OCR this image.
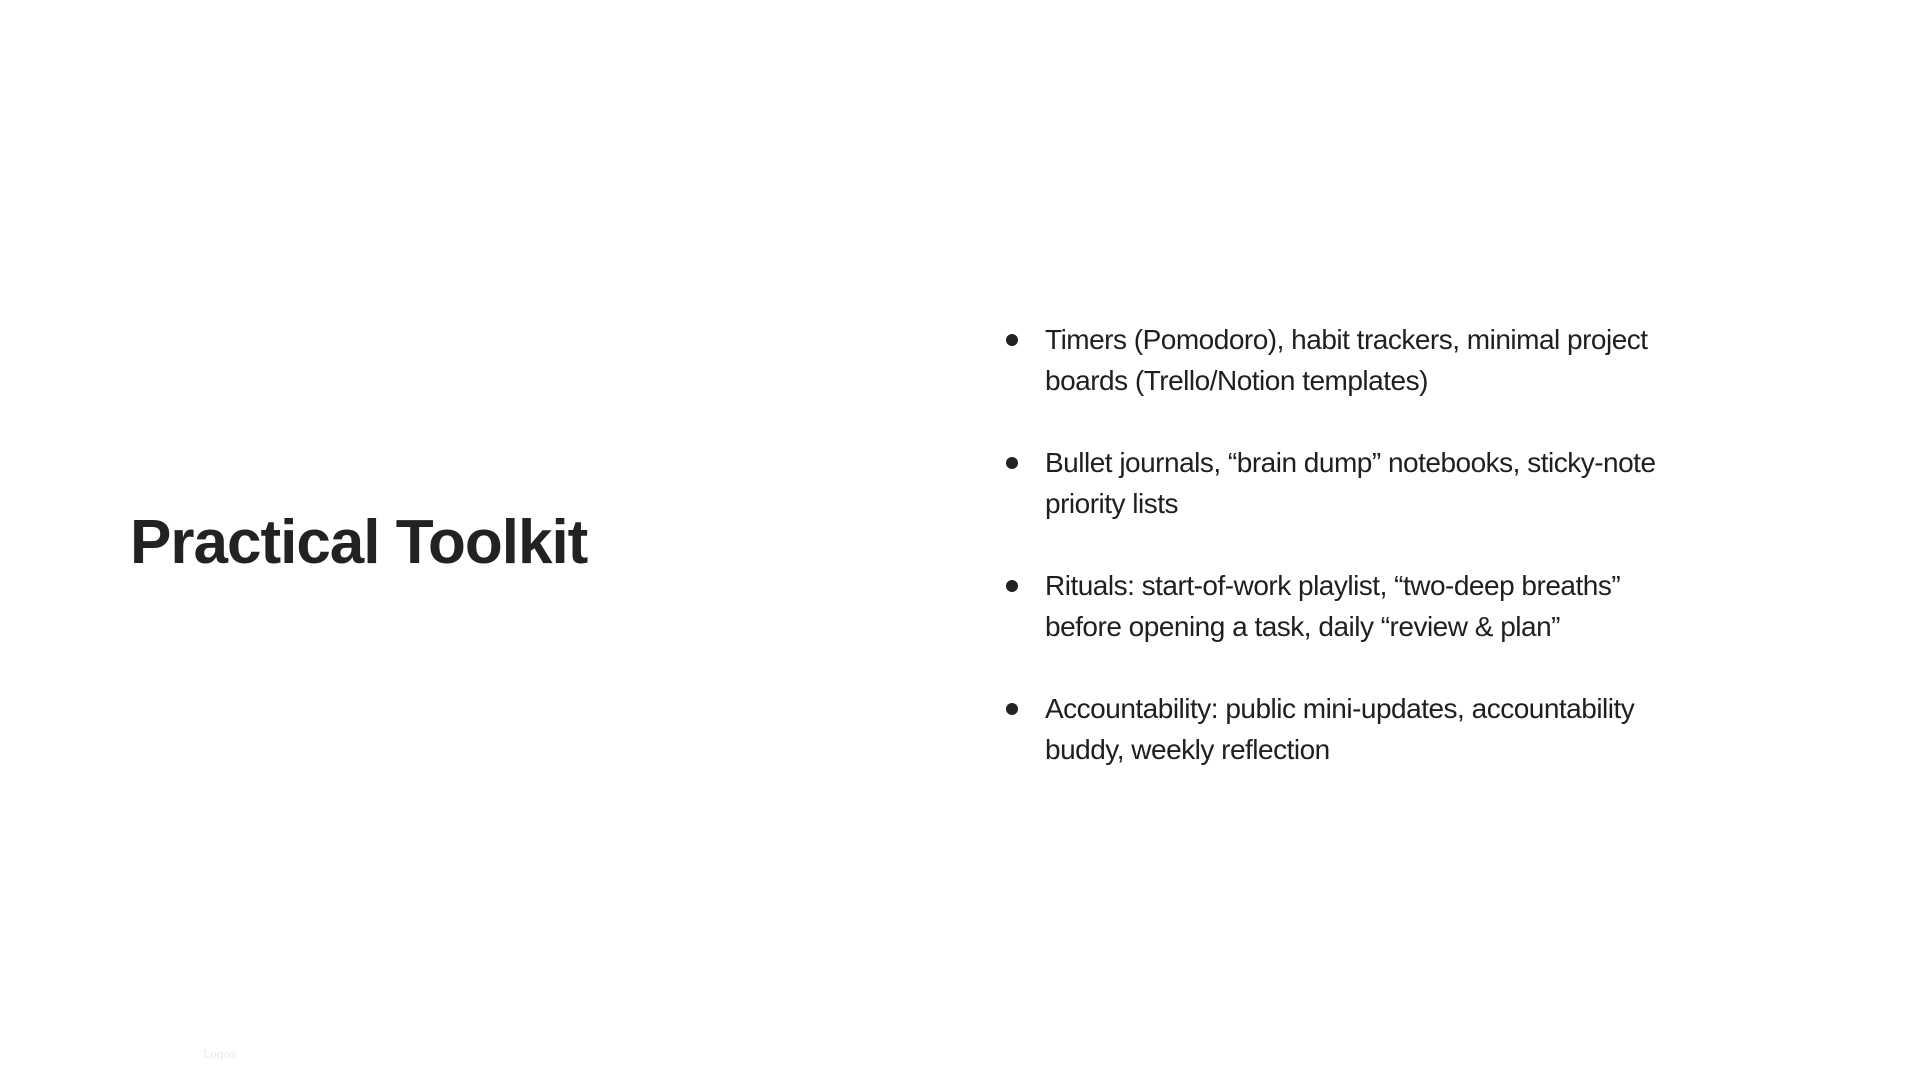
Practical Toolkit
Timers (Pomodoro), habit trackers, minimal project boards (Trello/Notion templates)
Bullet journals, “brain dump” notebooks, sticky-note priority lists
Rituals: start-of-work playlist, “two-deep breaths” before opening a task, daily “review & plan”
Accountability: public mini-updates, accountability buddy, weekly reflection
Logos
